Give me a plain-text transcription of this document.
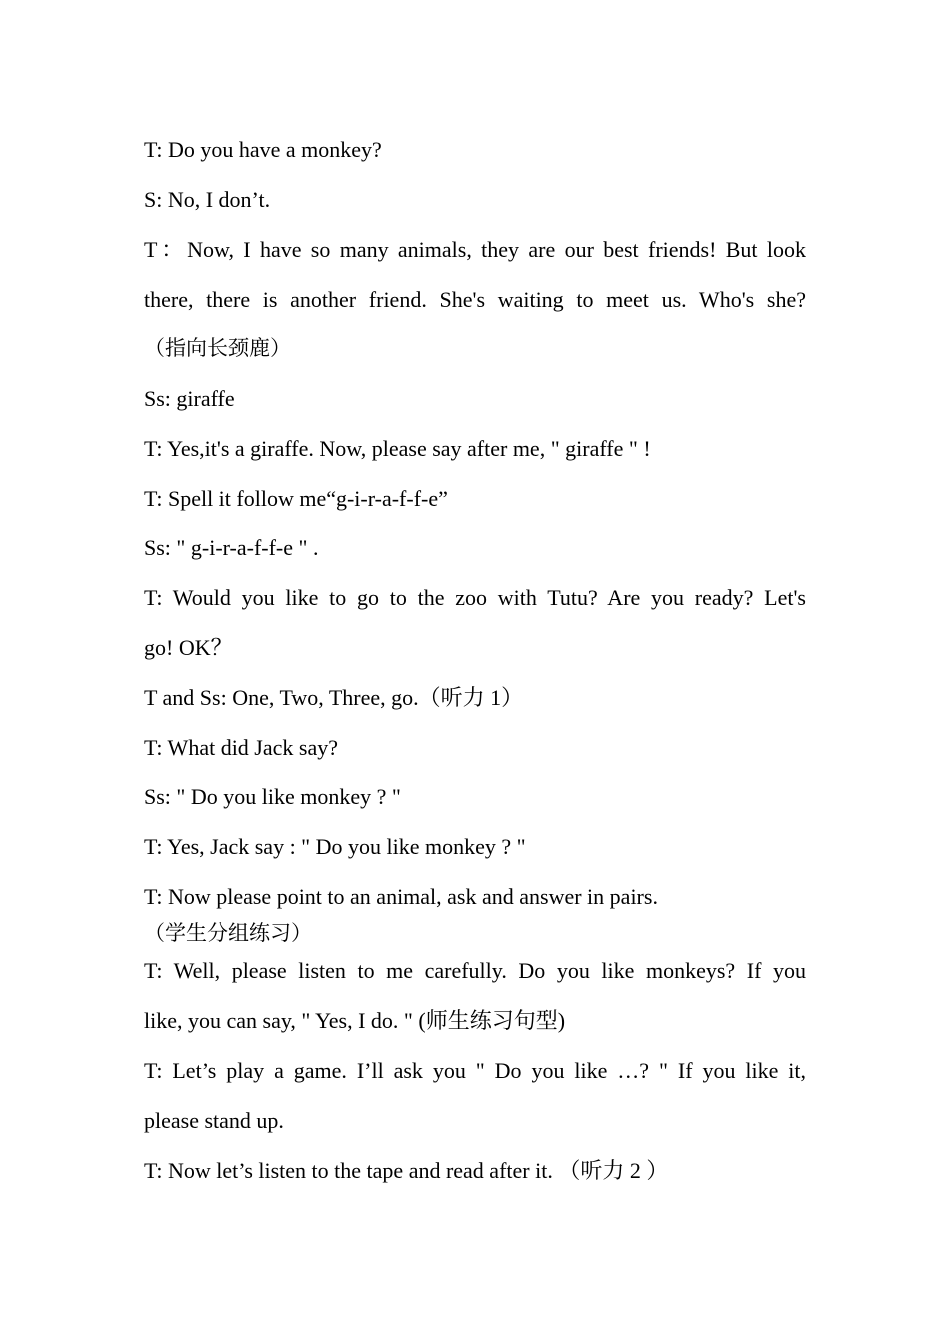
T: Do you have a monkey?
S: No, I don’t.
T：Now, I have so many animals, they are our best friends! But look
there, there is another friend. She's waiting to meet us. Who's she?
（指向长颈鹿）
Ss: giraffe
T: Yes,it's a giraffe. Now, please say after me, " giraffe " !
T: Spell it follow me“g-i-r-a-f-f-e”
Ss: " g-i-r-a-f-f-e " .
T: Would you like to go to the zoo with Tutu? Are you ready? Let's
go! OK？
T and Ss: One, Two, Three, go.（听力 1）
T: What did Jack say?
Ss: " Do you like monkey ? "
T: Yes, Jack say : " Do you like monkey ? "
T: Now please point to an animal, ask and answer in pairs.
（学生分组练习）
T: Well, please listen to me carefully. Do you like monkeys? If you
like, you can say, " Yes, I do. " (师生练习句型)
T: Let’s play a game. I’ll ask you " Do you like …? " If you like it,
please stand up.
T: Now let’s listen to the tape and read after it. （听力 2 ）
